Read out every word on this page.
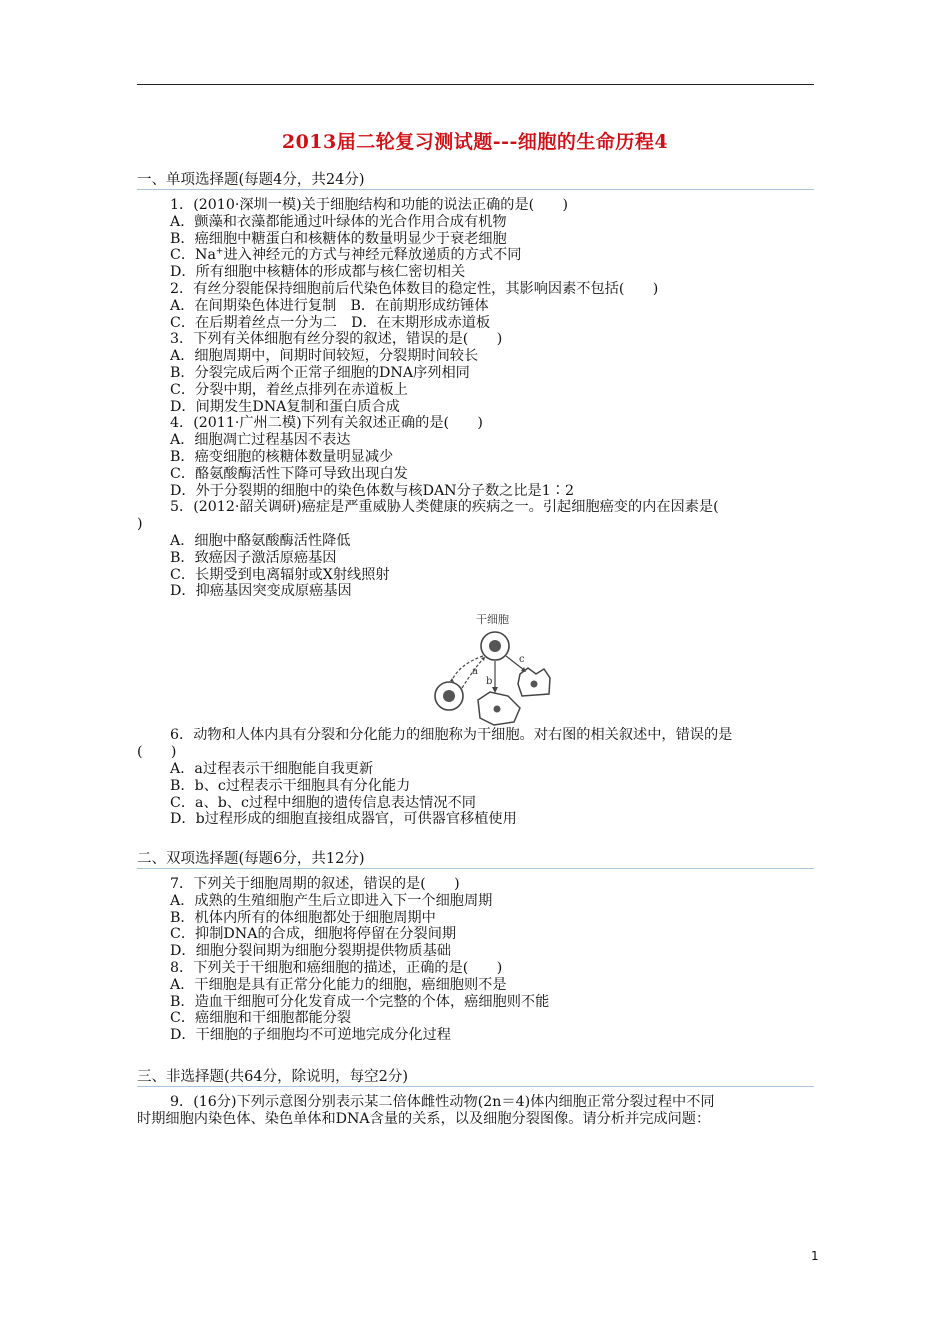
2013届二轮复习测试题---细胞的生命历程4
一、单项选择题(每题4分，共24分)
1．(2010·深圳一模)关于细胞结构和功能的说法正确的是(　　)
A．颤藻和衣藻都能通过叶绿体的光合作用合成有机物
B．癌细胞中糖蛋白和核糖体的数量明显少于衰老细胞
C．Na+进入神经元的方式与神经元释放递质的方式不同
D．所有细胞中核糖体的形成都与核仁密切相关
2．有丝分裂能保持细胞前后代染色体数目的稳定性，其影响因素不包括(　　)
A．在间期染色体进行复制　B．在前期形成纺锤体
C．在后期着丝点一分为二　D．在末期形成赤道板
3．下列有关体细胞有丝分裂的叙述，错误的是(　　)
A．细胞周期中，间期时间较短，分裂期时间较长
B．分裂完成后两个正常子细胞的DNA序列相同
C．分裂中期，着丝点排列在赤道板上
D．间期发生DNA复制和蛋白质合成
4．(2011·广州二模)下列有关叙述正确的是(　　)
A．细胞凋亡过程基因不表达
B．癌变细胞的核糖体数量明显减少
C．酪氨酸酶活性下降可导致出现白发
D．外于分裂期的细胞中的染色体数与核DAN分子数之比是1∶2
5．(2012·韶关调研)癌症是严重威胁人类健康的疾病之一。引起细胞癌变的内在因素是(
)
A．细胞中酪氨酸酶活性降低
B．致癌因子激活原癌基因
C．长期受到电离辐射或X射线照射
D．抑癌基因突变成原癌基因
干细胞
a
b
c
6．动物和人体内具有分裂和分化能力的细胞称为干细胞。对右图的相关叙述中，错误的是
(　　)
A．a过程表示干细胞能自我更新
B．b、c过程表示干细胞具有分化能力
C．a、b、c过程中细胞的遗传信息表达情况不同
D．b过程形成的细胞直接组成器官，可供器官移植使用
二、双项选择题(每题6分，共12分)
7．下列关于细胞周期的叙述，错误的是(　　)
A．成熟的生殖细胞产生后立即进入下一个细胞周期
B．机体内所有的体细胞都处于细胞周期中
C．抑制DNA的合成，细胞将停留在分裂间期
D．细胞分裂间期为细胞分裂期提供物质基础
8．下列关于干细胞和癌细胞的描述，正确的是(　　)
A．干细胞是具有正常分化能力的细胞，癌细胞则不是
B．造血干细胞可分化发育成一个完整的个体，癌细胞则不能
C．癌细胞和干细胞都能分裂
D．干细胞的子细胞均不可逆地完成分化过程
三、非选择题(共64分，除说明，每空2分)
9．(16分)下列示意图分别表示某二倍体雌性动物(2n＝4)体内细胞正常分裂过程中不同
时期细胞内染色体、染色单体和DNA含量的关系，以及细胞分裂图像。请分析并完成问题：
1
